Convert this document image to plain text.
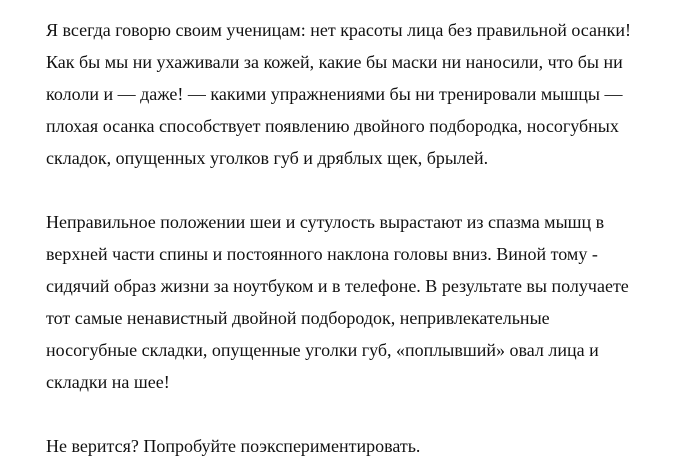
Я всегда говорю своим ученицам: нет красоты лица без правильной осанки!
Как бы мы ни ухаживали за кожей, какие бы маски ни наносили, что бы ни
кололи и — даже! — какими упражнениями бы ни тренировали мышцы —
плохая осанка способствует появлению двойного подбородка, носогубных
складок, опущенных уголков губ и дряблых щек, брылей.

Неправильное положении шеи и сутулость вырастают из спазма мышц в
верхней части спины и постоянного наклона головы вниз. Виной тому -
сидячий образ жизни за ноутбуком и в телефоне. В результате вы получаете
тот самые ненавистный двойной подбородок, непривлекательные
носогубные складки, опущенные уголки губ, «поплывший» овал лица и
складки на шее!

Не верится? Попробуйте поэкспериментировать.
